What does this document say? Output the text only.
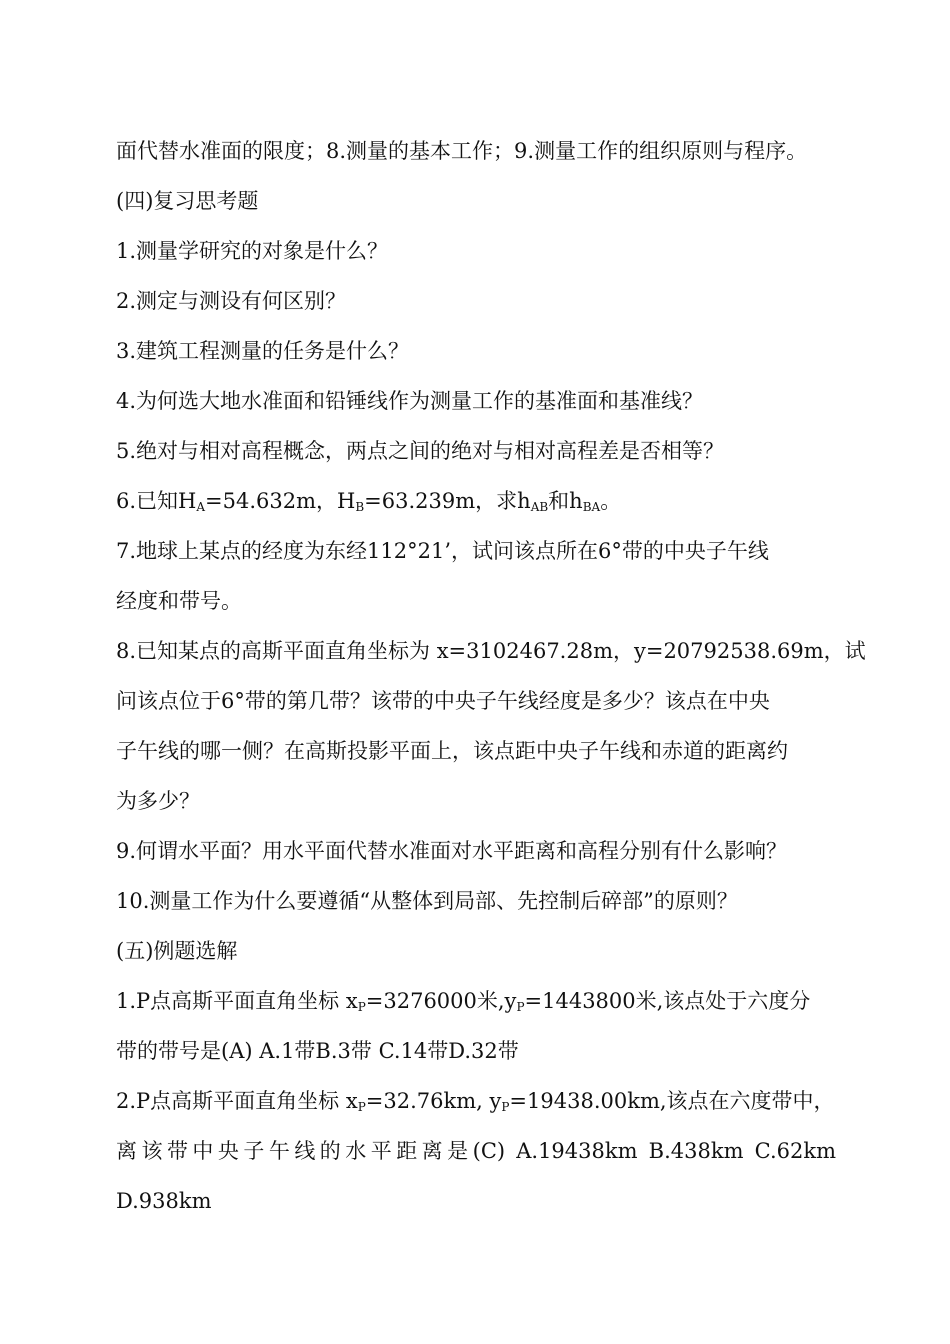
面代替水准面的限度；8.测量的基本工作；9.测量工作的组织原则与程序。
(四)复习思考题
1.测量学研究的对象是什么？
2.测定与测设有何区别？
3.建筑工程测量的任务是什么？
4.为何选大地水准面和铅锤线作为测量工作的基准面和基准线？
5.绝对与相对高程概念，两点之间的绝对与相对高程差是否相等？
6.已知$H_A=54.632m$，$H_B=63.239m$，求$h_{AB}$和$h_{BA}$。
7.地球上某点的经度为东经112°21’，试问该点所在6°带的中央子午线
经度和带号。
8.已知某点的高斯平面直角坐标为 x=3102467.28m，y=20792538.69m，试
问该点位于6°带的第几带？该带的中央子午线经度是多少？该点在中央
子午线的哪一侧？在高斯投影平面上，该点距中央子午线和赤道的距离约
为多少？
9.何谓水平面？用水平面代替水准面对水平距离和高程分别有什么影响？
10.测量工作为什么要遵循“从整体到局部、先控制后碎部”的原则？
(五)例题选解
1.P点高斯平面直角坐标 $x_P=3276000$米$,y_P=1443800$米,该点处于六度分
带的带号是(A) A.1带B.3带 C.14带D.32带
2.P点高斯平面直角坐标 $x_P=32.76km$, $y_P=19438.00km$,该点在六度带中，
离该带中央子午线的水平距离是(C) A.19438km B.438km C.62km
D.938km
